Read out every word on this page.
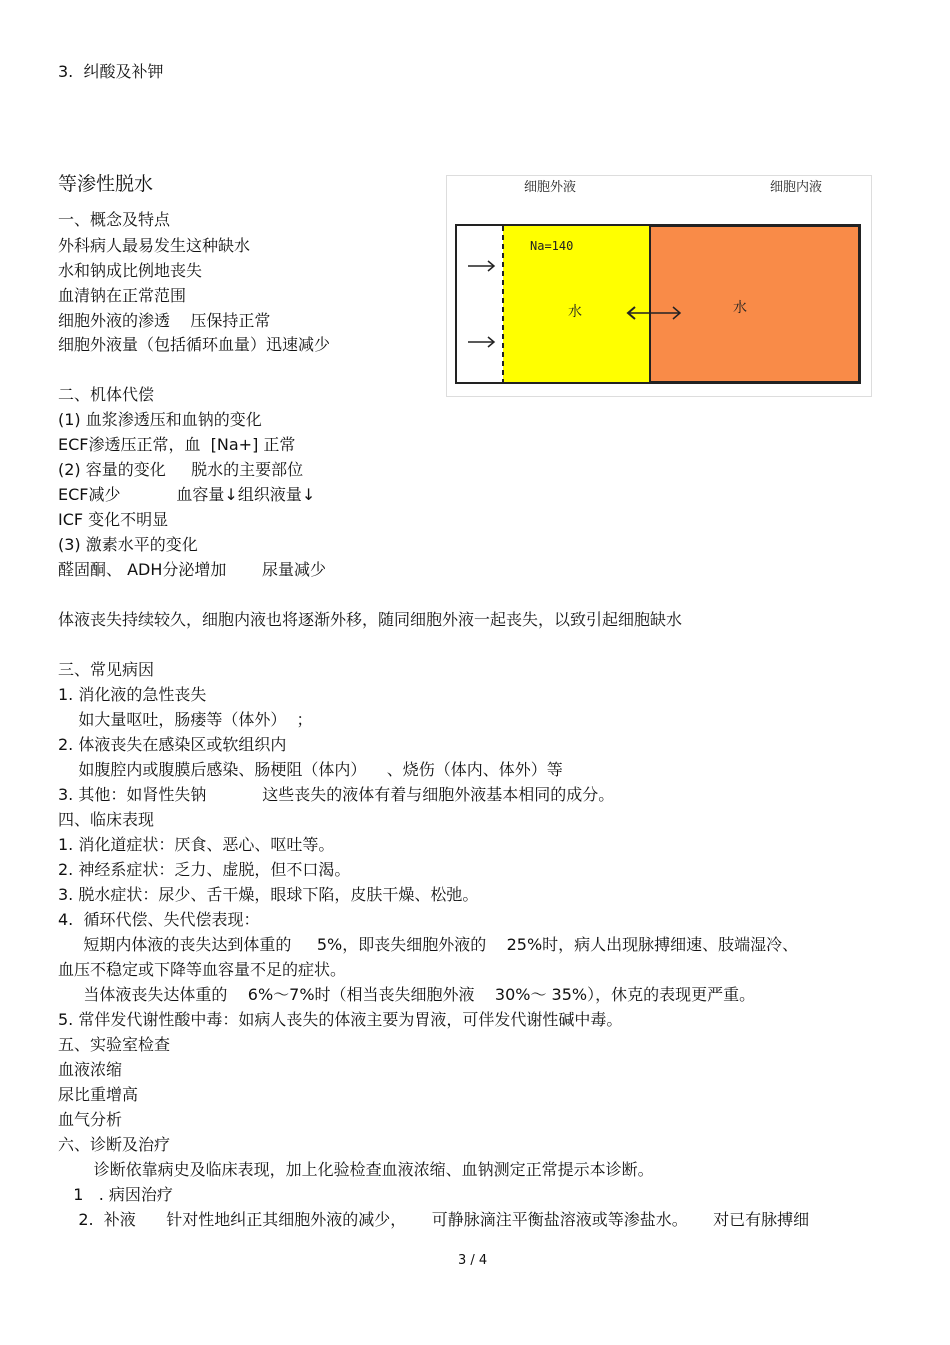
3.  纠酸及补钾
等渗性脱水
一、概念及特点
外科病人最易发生这种缺水
水和钠成比例地丧失
血清钠在正常范围
细胞外液的渗透    压保持正常
细胞外液量（包括循环血量）迅速减少
二、机体代偿
(1) 血浆渗透压和血钠的变化
ECF渗透压正常，血  [Na+] 正常
(2) 容量的变化     脱水的主要部位
ECF减少           血容量↓组织液量↓
ICF 变化不明显
(3) 激素水平的变化
醛固酮、 ADH分泌增加       尿量减少
体液丧失持续较久，细胞内液也将逐渐外移，随同细胞外液一起丧失，以致引起细胞缺水
三、常见病因
1. 消化液的急性丧失
如大量呕吐，肠瘘等（体外）  ；
2. 体液丧失在感染区或软组织内
如腹腔内或腹膜后感染、肠梗阻（体内）    、烧伤（体内、体外）等
3. 其他：如肾性失钠           这些丧失的液体有着与细胞外液基本相同的成分。
四、临床表现
1. 消化道症状：厌食、恶心、呕吐等。
2. 神经系症状：乏力、虚脱，但不口渴。
3. 脱水症状：尿少、舌干燥，眼球下陷，皮肤干燥、松弛。
4.  循环代偿、失代偿表现：
短期内体液的丧失达到体重的     5%，即丧失细胞外液的    25%时，病人出现脉搏细速、肢端湿冷、
血压不稳定或下降等血容量不足的症状。
当体液丧失达体重的    6%～7%时（相当丧失细胞外液    30%～ 35%），休克的表现更严重。
5. 常伴发代谢性酸中毒：如病人丧失的体液主要为胃液，可伴发代谢性碱中毒。
五、实验室检查
血液浓缩
尿比重增高
血气分析
六、诊断及治疗
诊断依靠病史及临床表现，加上化验检查血液浓缩、血钠测定正常提示本诊断。
1   . 病因治疗
2.  补液      针对性地纠正其细胞外液的减少，     可静脉滴注平衡盐溶液或等渗盐水。     对已有脉搏细
细胞外液	细胞内液
Na=140
水	水
3 / 4
